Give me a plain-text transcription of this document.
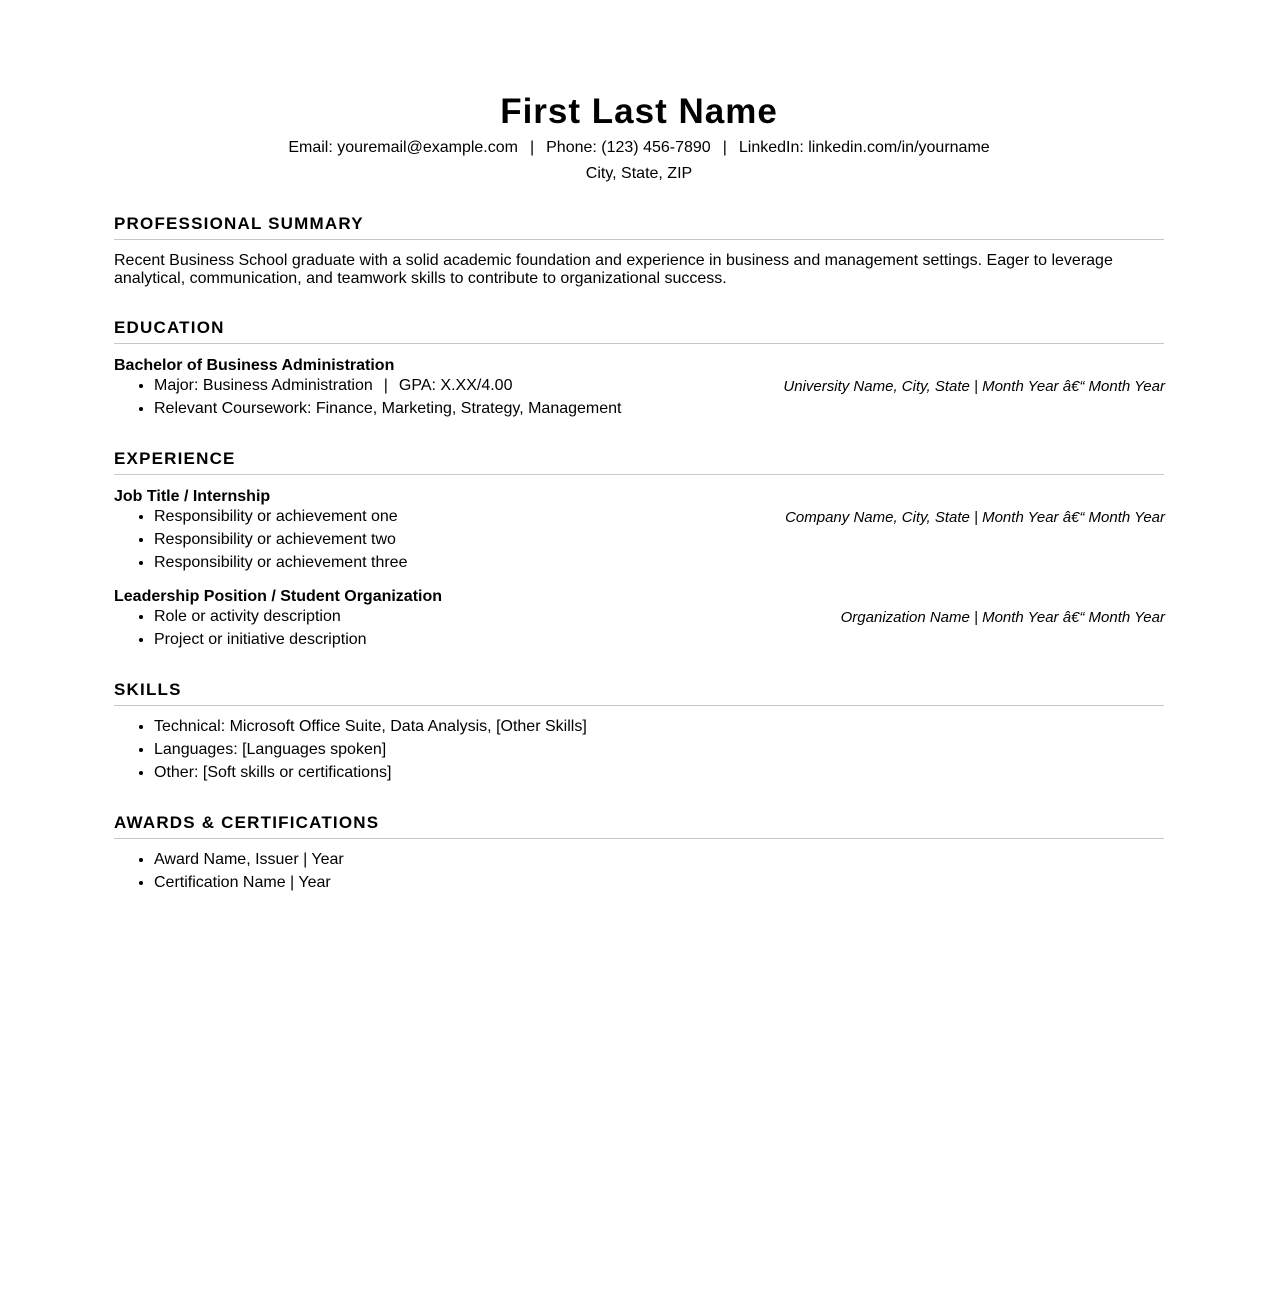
First Last Name
Email: youremail@example.com | Phone: (123) 456-7890 | LinkedIn: linkedin.com/in/yourname
City, State, ZIP
PROFESSIONAL SUMMARY
Recent Business School graduate with a solid academic foundation and experience in business and management settings. Eager to leverage analytical, communication, and teamwork skills to contribute to organizational success.
EDUCATION
Bachelor of Business Administration
University Name, City, State | Month Year â€“ Month Year
• Major: Business Administration | GPA: X.XX/4.00
• Relevant Coursework: Finance, Marketing, Strategy, Management
EXPERIENCE
Job Title / Internship
Company Name, City, State | Month Year â€“ Month Year
• Responsibility or achievement one
• Responsibility or achievement two
• Responsibility or achievement three
Leadership Position / Student Organization
Organization Name | Month Year â€“ Month Year
• Role or activity description
• Project or initiative description
SKILLS
• Technical: Microsoft Office Suite, Data Analysis, [Other Skills]
• Languages: [Languages spoken]
• Other: [Soft skills or certifications]
AWARDS & CERTIFICATIONS
• Award Name, Issuer | Year
• Certification Name | Year
